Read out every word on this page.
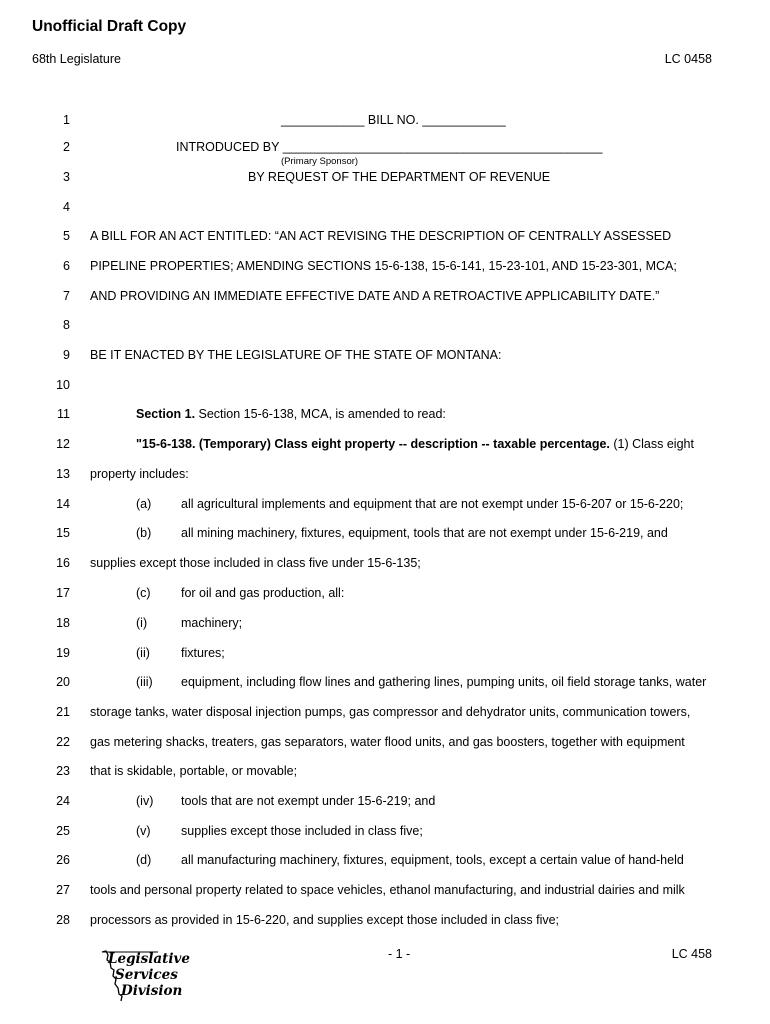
Unofficial Draft Copy
68th Legislature	LC 0458
1
2
3
4
5
6
7
8
9
10
11
12
13
14
15
16
17
18
19
20
21
22
23
24
25
26
27
28
____________ BILL NO. ____________
INTRODUCED BY ______________________________________________
(Primary Sponsor)
BY REQUEST OF THE DEPARTMENT OF REVENUE
A BILL FOR AN ACT ENTITLED: “AN ACT REVISING THE DESCRIPTION OF CENTRALLY ASSESSED
PIPELINE PROPERTIES; AMENDING SECTIONS 15-6-138, 15-6-141, 15-23-101, AND 15-23-301, MCA;
AND PROVIDING AN IMMEDIATE EFFECTIVE DATE AND A RETROACTIVE APPLICABILITY DATE.”
BE IT ENACTED BY THE LEGISLATURE OF THE STATE OF MONTANA:
Section 1. Section 15-6-138, MCA, is amended to read:
"15-6-138. (Temporary) Class eight property -- description -- taxable percentage. (1) Class eight
property includes:
(a) all agricultural implements and equipment that are not exempt under 15-6-207 or 15-6-220;
(b) all mining machinery, fixtures, equipment, tools that are not exempt under 15-6-219, and
supplies except those included in class five under 15-6-135;
(c) for oil and gas production, all:
(i)	machinery;
(ii) fixtures;
(iii) equipment, including flow lines and gathering lines, pumping units, oil field storage tanks, water
storage tanks, water disposal injection pumps, gas compressor and dehydrator units, communication towers,
gas metering shacks, treaters, gas separators, water flood units, and gas boosters, together with equipment
that is skidable, portable, or movable;
(iv) tools that are not exempt under 15-6-219; and
(v) supplies except those included in class five;
(d) all manufacturing machinery, fixtures, equipment, tools, except a certain value of hand-held
tools and personal property related to space vehicles, ethanol manufacturing, and industrial dairies and milk
processors as provided in 15-6-220, and supplies except those included in class five;
Legislative
Services
Division
- 1 -	LC 458
